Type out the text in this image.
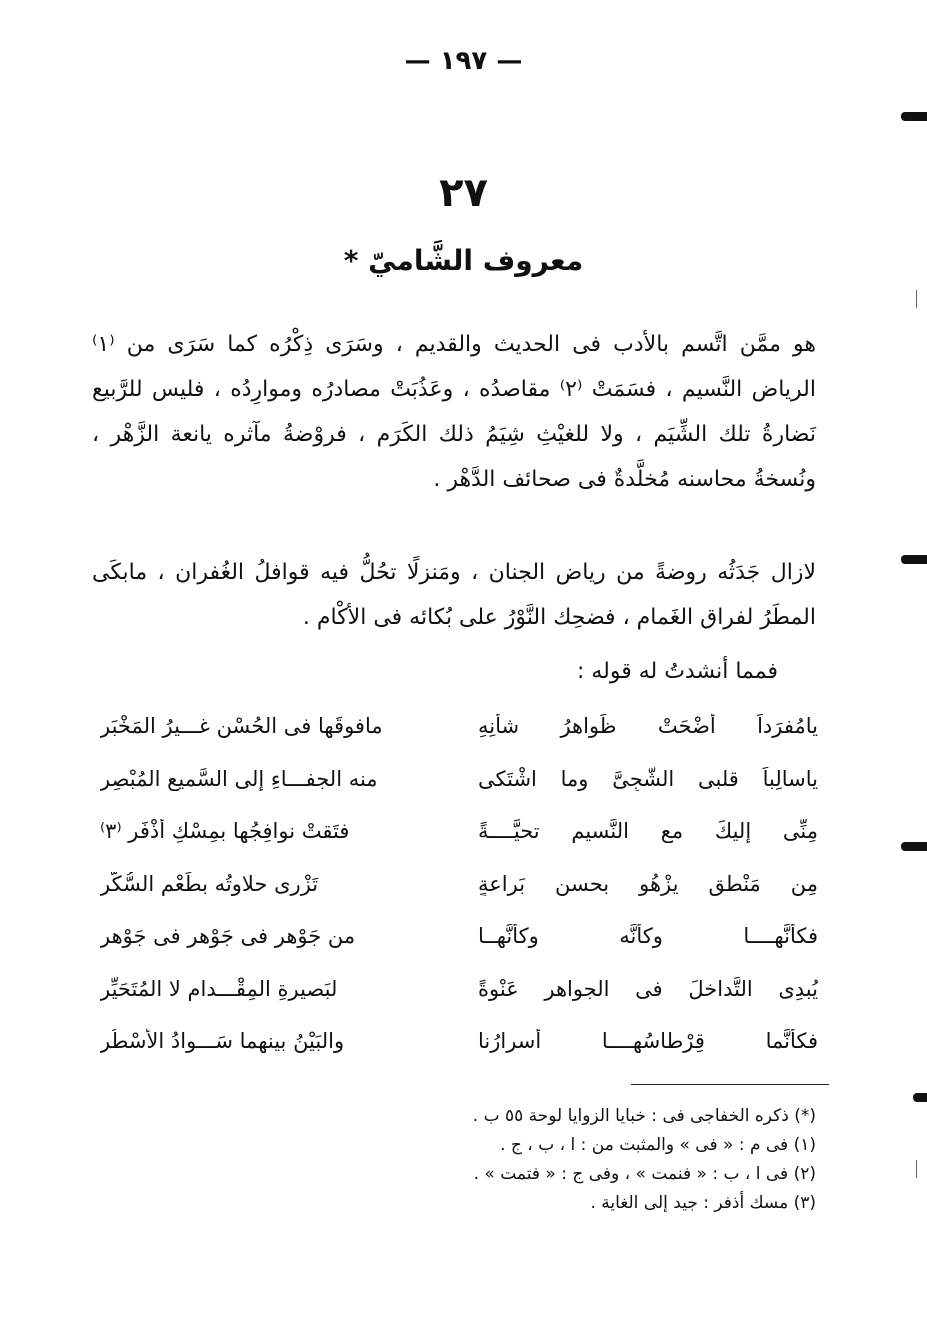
— ١٩٧ —
٢٧
معروف الشَّاميّ *
هو ممَّن اتَّسم بالأدب فى الحديث والقديم ، وسَرَى ذِكْرُه كما سَرَى من ⁽١⁾ الرياض النَّسيم ، فسَمَتْ ⁽٢⁾ مقاصدُه ، وعَذُبَتْ مصادرُه وموارِدُه ، فليس للرَّبيع نَضارةُ تلك الشِّيَم ، ولا للغيْثِ شِيَمُ ذلك الكَرَم ، فروْضةُ مآثره يانعة الزَّهْر ، ونُسخةُ محاسنه مُخلَّدةٌ فى صحائف الدَّهْر .
لازال جَدَثُه روضةً من رياض الجنان ، ومَنزلًا تحُلُّ فيه قوافلُ الغُفران ، مابكَى المطَرُ لفراق الغَمام ، فضحِك النَّوْرُ على بُكائه فى الأكْام .
فمما أنشدتُ له قوله :
يامُفرَداً أضْحَتْ ظَواهرُ شأْنِهِ
مافوقَها فى الحُسْنِ غـــيرُ المَخْبَرِ
ياسالِباً قلبى الشَّجِىَّ وما اشْتَكى
منه الجفـــاءِ إلى السَّميع المُبْصِرِ
مِنِّى إليكَ مع النَّسيمِ تحيَّــــةً
فتَقتْ نوافِجُها بمِسْكِ أذْفَرِ ⁽٣⁾
مِن مَنْطقٍ يزْهُو بحسنِ بَراعةٍ
تَزْرِى حلاوتُه بطَعْمِ السُّكَّرِ
فكأنَّهــــا وكأنَّه وكأنَّهــا
من جَوْهرٍ فى جَوْهرٍ فى جَوْهرِ
يُبدِى التَّداخلَ فى الجواهرِ عَنْوةً
لبَصيرةِ المِقْـــدامِ لا المُتَحَيِّرِ
فكأنَّما قِرْطاسُهــــا أسرارُنا
والبَيْنُ بينهما سَـــوادُ الأسْطُرِ
(*) ذكره الخفاجى فى : خبايا الزوايا لوحة ٥٥ ب .
(١) فى م : « فى » والمثبت من : ا ، ب ، ج .
(٢) فى ا ، ب : « فنمت » ، وفى ج : « فتمت » .
(٣) مسك أذفر : جيد إلى الغاية .
